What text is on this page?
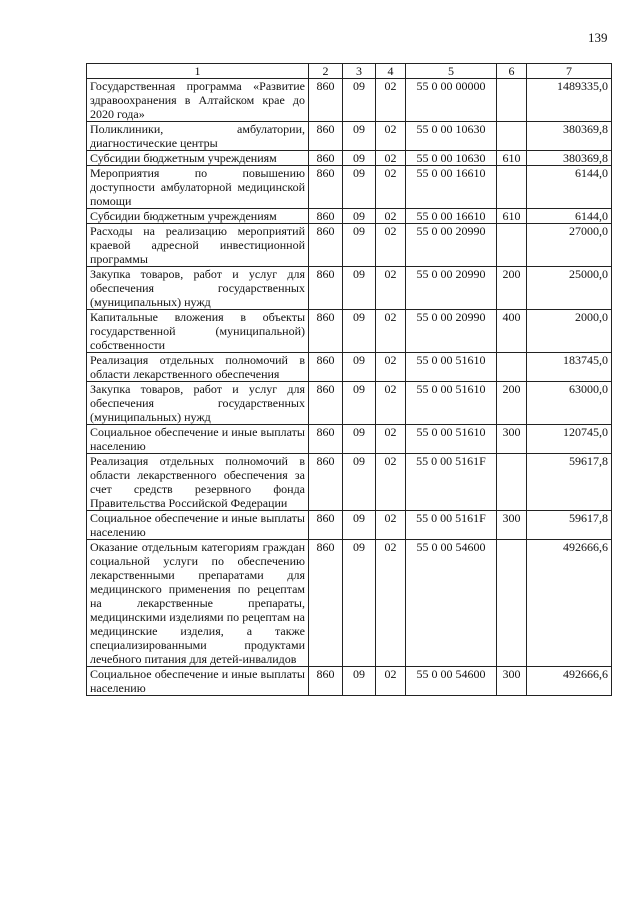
139
1	2	3	4	5	6	7
Государственная программа «Развитие здравоохранения в Алтайском крае до 2020 года»	860	09	02	55 0 00 00000		1489335,0
Поликлиники, амбулатории, диагностические центры	860	09	02	55 0 00 10630		380369,8
Субсидии бюджетным учреждениям	860	09	02	55 0 00 10630	610	380369,8
Мероприятия по повышению доступности амбулаторной медицинской помощи	860	09	02	55 0 00 16610		6144,0
Субсидии бюджетным учреждениям	860	09	02	55 0 00 16610	610	6144,0
Расходы на реализацию мероприятий краевой адресной инвестиционной программы	860	09	02	55 0 00 20990		27000,0
Закупка товаров, работ и услуг для обеспечения государственных (муниципальных) нужд	860	09	02	55 0 00 20990	200	25000,0
Капитальные вложения в объекты государственной (муниципальной) собственности	860	09	02	55 0 00 20990	400	2000,0
Реализация отдельных полномочий в области лекарственного обеспечения	860	09	02	55 0 00 51610		183745,0
Закупка товаров, работ и услуг для обеспечения государственных (муниципальных) нужд	860	09	02	55 0 00 51610	200	63000,0
Социальное обеспечение и иные выплаты населению	860	09	02	55 0 00 51610	300	120745,0
Реализация отдельных полномочий в области лекарственного обеспечения за счет средств резервного фонда Правительства Российской Федерации	860	09	02	55 0 00 5161F		59617,8
Социальное обеспечение и иные выплаты населению	860	09	02	55 0 00 5161F	300	59617,8
Оказание отдельным категориям граждан социальной услуги по обеспечению лекарственными препаратами для медицинского применения по рецептам на лекарственные препараты, медицинскими изделиями по рецептам на медицинские изделия, а также специализированными продуктами лечебного питания для детей-инвалидов	860	09	02	55 0 00 54600		492666,6
Социальное обеспечение и иные выплаты населению	860	09	02	55 0 00 54600	300	492666,6
